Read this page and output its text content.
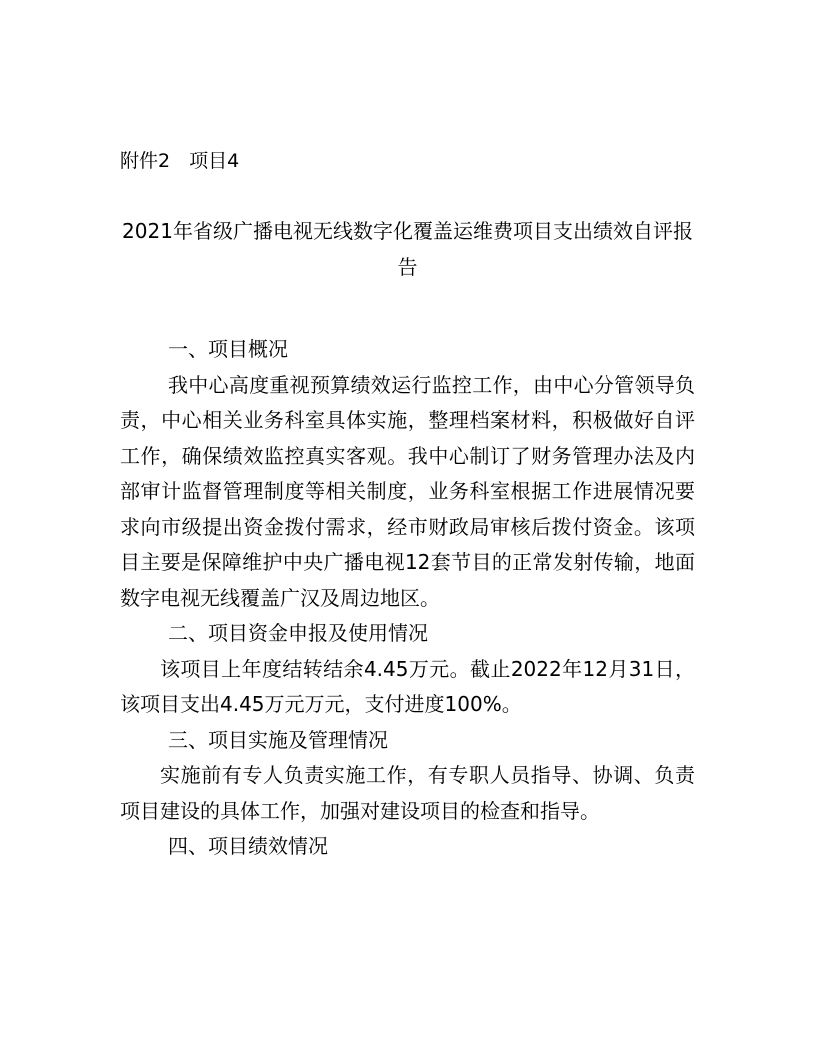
附件2　项目4
2021年省级广播电视无线数字化覆盖运维费项目支出绩效自评报告

一、项目概况

我中心高度重视预算绩效运行监控工作，由中心分管领导负责，中心相关业务科室具体实施，整理档案材料，积极做好自评工作，确保绩效监控真实客观。我中心制订了财务管理办法及内部审计监督管理制度等相关制度，业务科室根据工作进展情况要求向市级提出资金拨付需求，经市财政局审核后拨付资金。该项目主要是保障维护中央广播电视12套节目的正常发射传输，地面数字电视无线覆盖广汉及周边地区。

二、项目资金申报及使用情况

该项目上年度结转结余4.45万元。截止2022年12月31日，该项目支出4.45万元万元，支付进度100%。

三、项目实施及管理情况

实施前有专人负责实施工作，有专职人员指导、协调、负责项目建设的具体工作，加强对建设项目的检查和指导。

四、项目绩效情况
